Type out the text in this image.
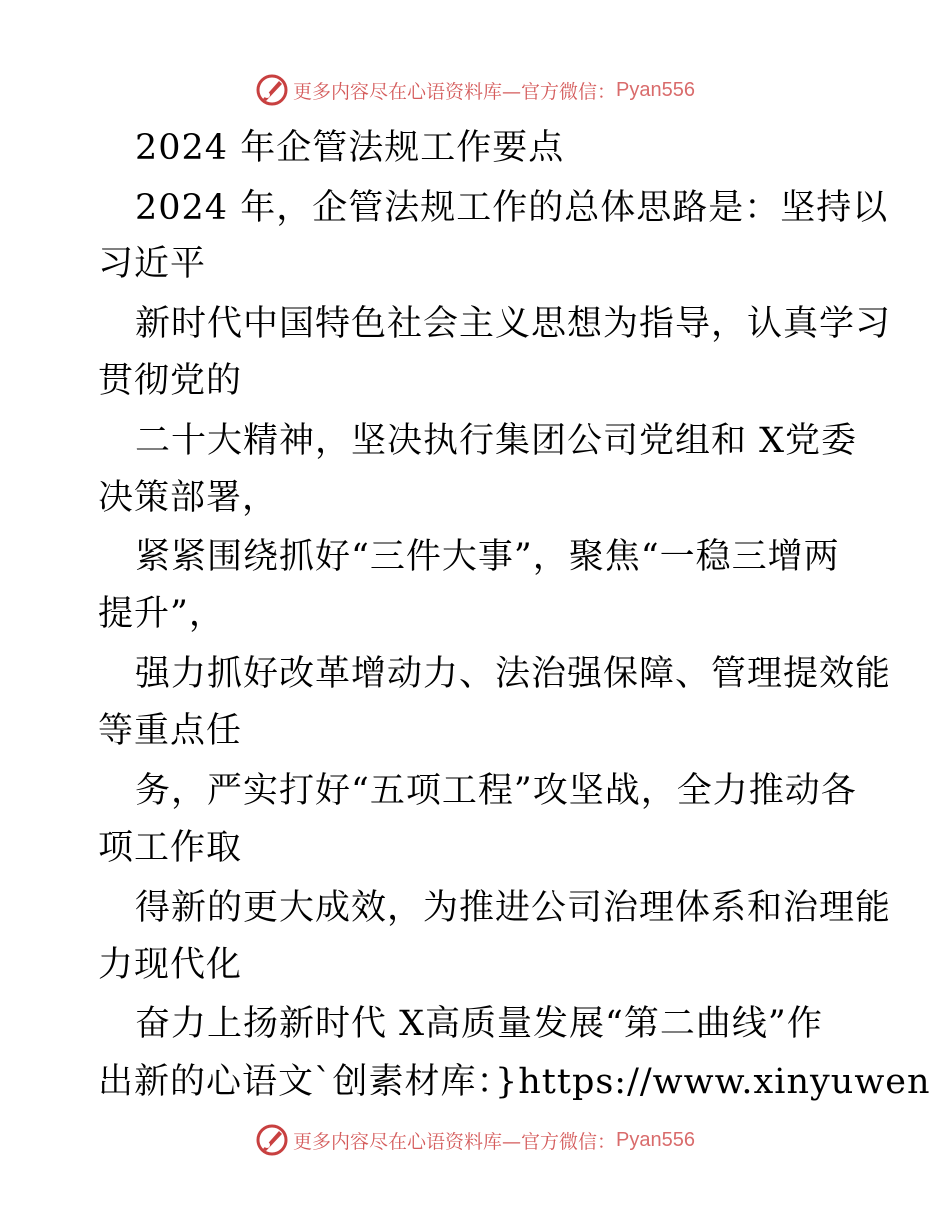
更多内容尽在心语资料库—官方微信： Pyan556
2024 年企管法规工作要点
2024 年，企管法规工作的总体思路是：坚持以
习近平
新时代中国特色社会主义思想为指导，认真学习
贯彻党的
二十大精神，坚决执行集团公司党组和 X党委
决策部署，
紧紧围绕抓好“三件大事”，聚焦“一稳三增两
提升”，
强力抓好改革增动力、法治强保障、管理提效能
等重点任
务，严实打好“五项工程”攻坚战，全力推动各
项工作取
得新的更大成效，为推进公司治理体系和治理能
力现代化
奋力上扬新时代 X高质量发展“第二曲线”作
出新的心语文`创素材库：}https://www.xinyuwen
更多内容尽在心语资料库—官方微信： Pyan556
